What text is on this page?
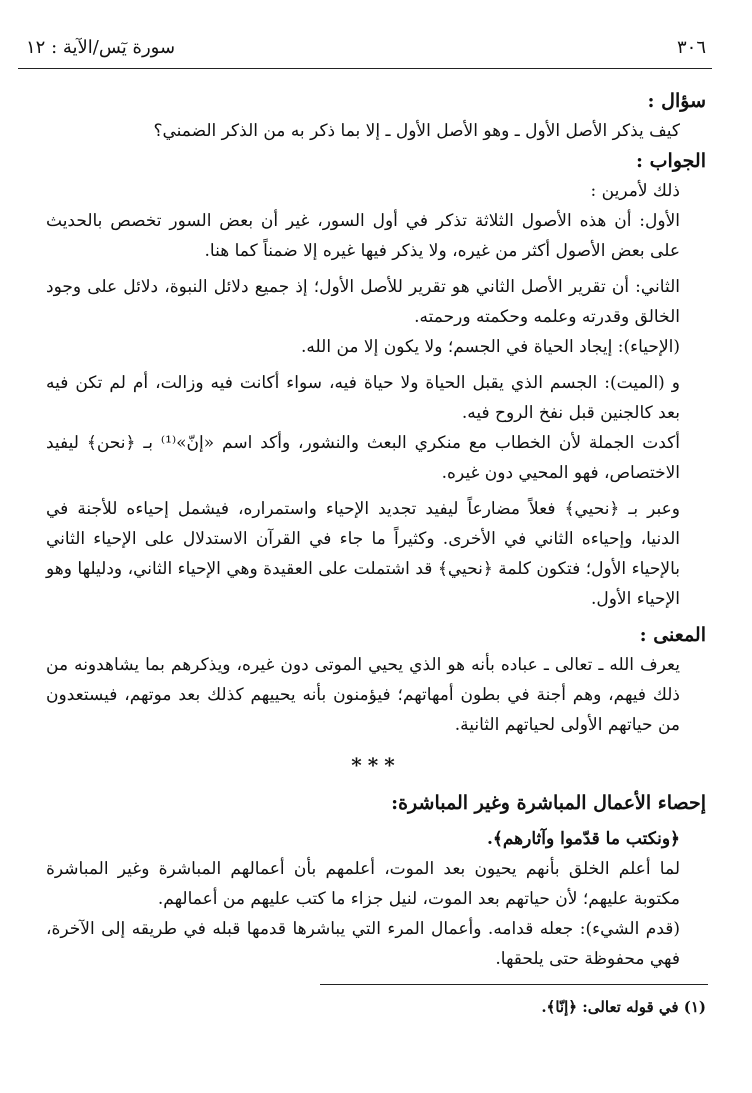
٣٠٦
سورة يٓس/الآية : ١٢

سؤال :

كيف يذكر الأصل الأول ـ وهو الأصل الأول ـ إلا بما ذكر به من الذكر الضمني؟

الجواب :

ذلك لأمرين :

الأول: أن هذه الأصول الثلاثة تذكر في أول السور، غير أن بعض السور تخصص بالحديث على بعض الأصول أكثر من غيره، ولا يذكر فيها غيره إلا ضمناً كما هنا.

الثاني: أن تقرير الأصل الثاني هو تقرير للأصل الأول؛ إذ جميع دلائل النبوة، دلائل على وجود الخالق وقدرته وعلمه وحكمته ورحمته.

(الإحياء): إيجاد الحياة في الجسم؛ ولا يكون إلا من الله.

و (الميت): الجسم الذي يقبل الحياة ولا حياة فيه، سواء أكانت فيه وزالت، أم لم تكن فيه بعد كالجنين قبل نفخ الروح فيه.

أكدت الجملة لأن الخطاب مع منكري البعث والنشور، وأكد اسم «إنّ»⁽¹⁾ بـ ﴿نحن﴾ ليفيد الاختصاص، فهو المحيي دون غيره.

وعبر بـ ﴿نحيي﴾ فعلاً مضارعاً ليفيد تجديد الإحياء واستمراره، فيشمل إحياءه للأجنة في الدنيا، وإحياءه الثاني في الأخرى. وكثيراً ما جاء في القرآن الاستدلال على الإحياء الثاني بالإحياء الأول؛ فتكون كلمة ﴿نحيي﴾ قد اشتملت على العقيدة وهي الإحياء الثاني، ودليلها وهو الإحياء الأول.

المعنى :

يعرف الله ـ تعالى ـ عباده بأنه هو الذي يحيي الموتى دون غيره، ويذكرهم بما يشاهدونه من ذلك فيهم، وهم أجنة في بطون أمهاتهم؛ فيؤمنون بأنه يحييهم كذلك بعد موتهم، فيستعدون من حياتهم الأولى لحياتهم الثانية.

***

إحصاء الأعمال المباشرة وغير المباشرة:

﴿ونكتب ما قدّموا وآثارهم﴾.

لما أعلم الخلق بأنهم يحيون بعد الموت، أعلمهم بأن أعمالهم المباشرة وغير المباشرة مكتوبة عليهم؛ لأن حياتهم بعد الموت، لنيل جزاء ما كتب عليهم من أعمالهم.

(قدم الشيء): جعله قدامه. وأعمال المرء التي يباشرها قدمها قبله في طريقه إلى الآخرة، فهي محفوظة حتى يلحقها.

(١) في قوله تعالى: ﴿إنّا﴾.
